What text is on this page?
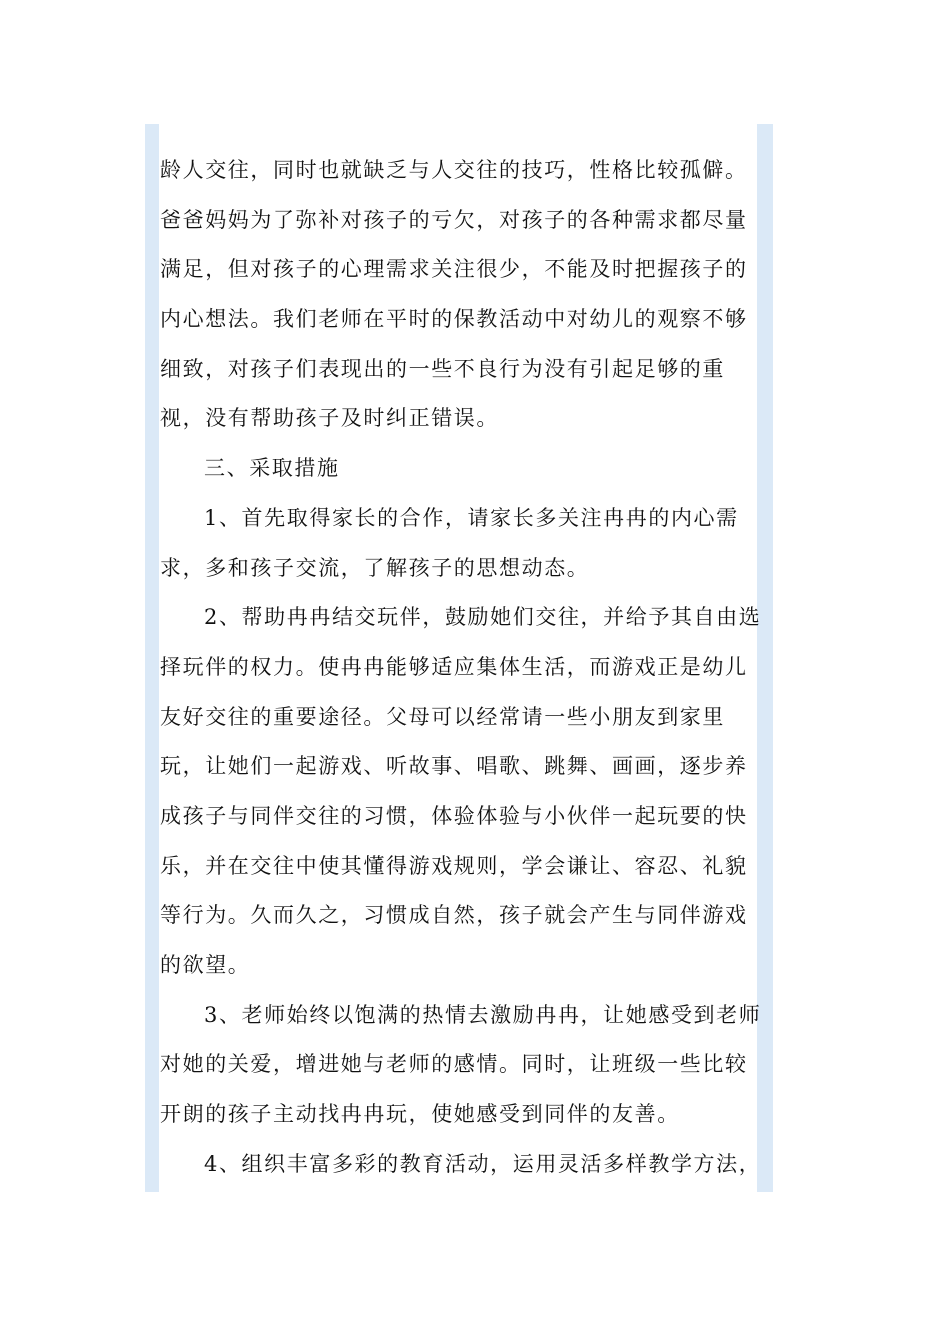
龄人交往，同时也就缺乏与人交往的技巧，性格比较孤僻。
爸爸妈妈为了弥补对孩子的亏欠，对孩子的各种需求都尽量
满足，但对孩子的心理需求关注很少，不能及时把握孩子的
内心想法。我们老师在平时的保教活动中对幼儿的观察不够
细致，对孩子们表现出的一些不良行为没有引起足够的重
视，没有帮助孩子及时纠正错误。
三、采取措施
1、首先取得家长的合作，请家长多关注冉冉的内心需
求，多和孩子交流，了解孩子的思想动态。
2、帮助冉冉结交玩伴，鼓励她们交往，并给予其自由选
择玩伴的权力。使冉冉能够适应集体生活，而游戏正是幼儿
友好交往的重要途径。父母可以经常请一些小朋友到家里
玩，让她们一起游戏、听故事、唱歌、跳舞、画画，逐步养
成孩子与同伴交往的习惯，体验体验与小伙伴一起玩要的快
乐，并在交往中使其懂得游戏规则，学会谦让、容忍、礼貌
等行为。久而久之，习惯成自然，孩子就会产生与同伴游戏
的欲望。
3、老师始终以饱满的热情去激励冉冉，让她感受到老师
对她的关爱，增进她与老师的感情。同时，让班级一些比较
开朗的孩子主动找冉冉玩，使她感受到同伴的友善。
4、组织丰富多彩的教育活动，运用灵活多样教学方法，
